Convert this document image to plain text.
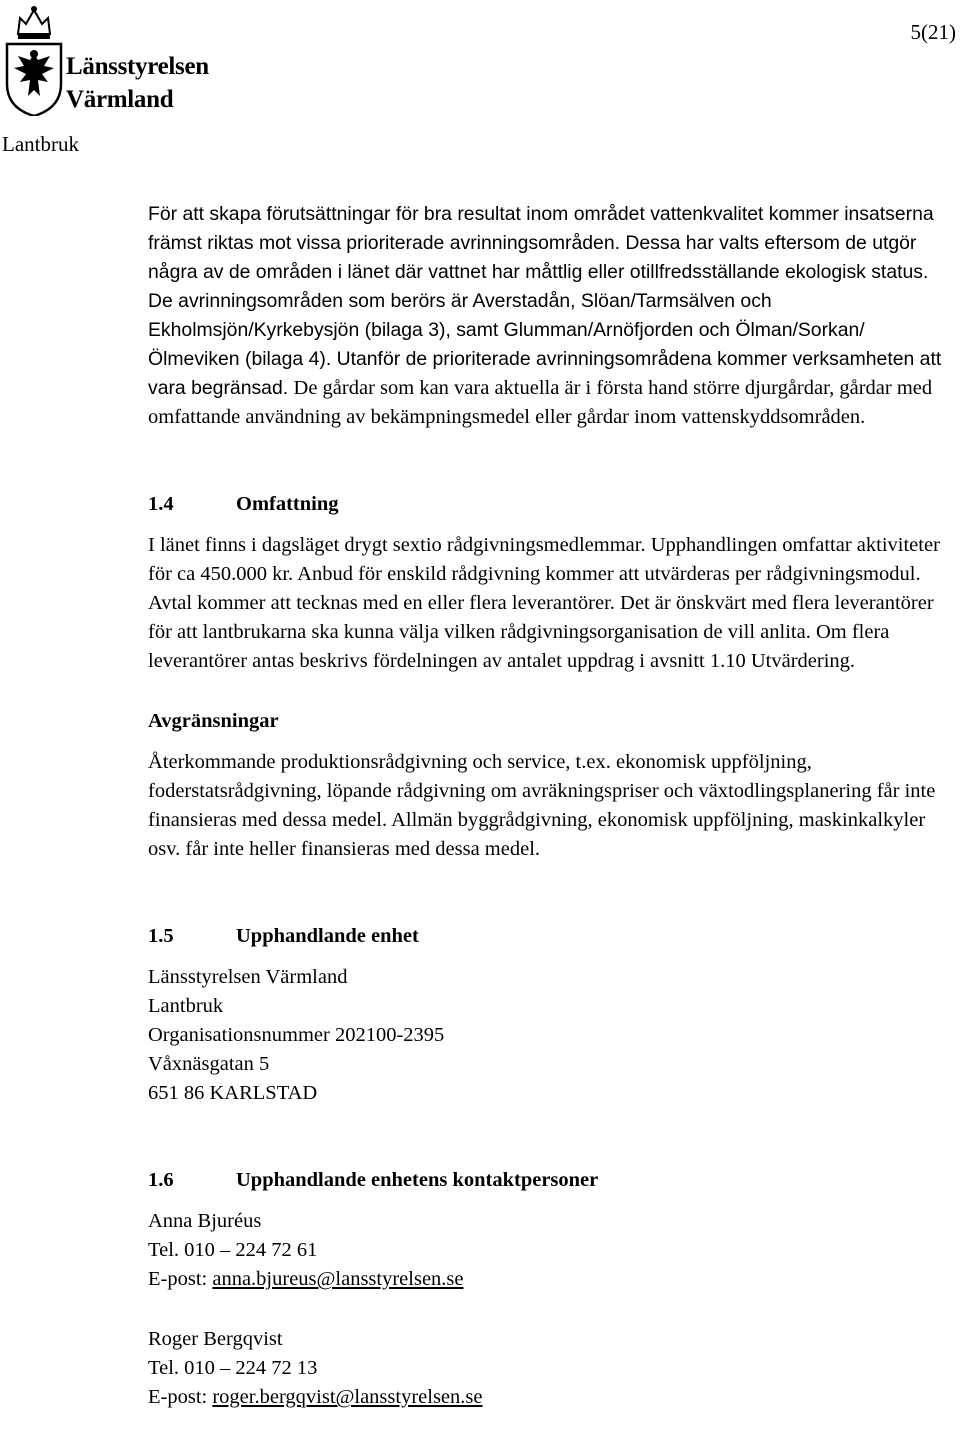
Länsstyrelsen
Värmland
Lantbruk
5(21)

För att skapa förutsättningar för bra resultat inom området vattenkvalitet kommer insatserna främst riktas mot vissa prioriterade avrinningsområden. Dessa har valts eftersom de utgör några av de områden i länet där vattnet har måttlig eller otillfredsställande ekologisk status. De avrinningsområden som berörs är Averstadån, Slöan/Tarmsälven och Ekholmsjön/Kyrkebysjön (bilaga 3), samt Glumman/Arnöfjorden och Ölman/Sorkan/Ölmeviken (bilaga 4). Utanför de prioriterade avrinningsområdena kommer verksamheten att vara begränsad. De gårdar som kan vara aktuella är i första hand större djurgårdar, gårdar med omfattande användning av bekämpningsmedel eller gårdar inom vattenskyddsområden.

1.4	Omfattning

I länet finns i dagsläget drygt sextio rådgivningsmedlemmar. Upphandlingen omfattar aktiviteter för ca 450.000 kr. Anbud för enskild rådgivning kommer att utvärderas per rådgivningsmodul. Avtal kommer att tecknas med en eller flera leverantörer. Det är önskvärt med flera leverantörer för att lantbrukarna ska kunna välja vilken rådgivningsorganisation de vill anlita. Om flera leverantörer antas beskrivs fördelningen av antalet uppdrag i avsnitt 1.10 Utvärdering.

Avgränsningar

Återkommande produktionsrådgivning och service, t.ex. ekonomisk uppföljning, foderstatsrådgivning, löpande rådgivning om avräkningspriser och växtodlingsplanering får inte finansieras med dessa medel. Allmän byggrådgivning, ekonomisk uppföljning, maskinkalkyler osv. får inte heller finansieras med dessa medel.

1.5	Upphandlande enhet

Länsstyrelsen Värmland

Lantbruk

Organisationsnummer 202100-2395

Våxnäsgatan 5

651 86 KARLSTAD

1.6	Upphandlande enhetens kontaktpersoner

Anna Bjuréus

Tel. 010 – 224 72 61

E-post: anna.bjureus@lansstyrelsen.se

Roger Bergqvist

Tel. 010 – 224 72 13

E-post: roger.bergqvist@lansstyrelsen.se
